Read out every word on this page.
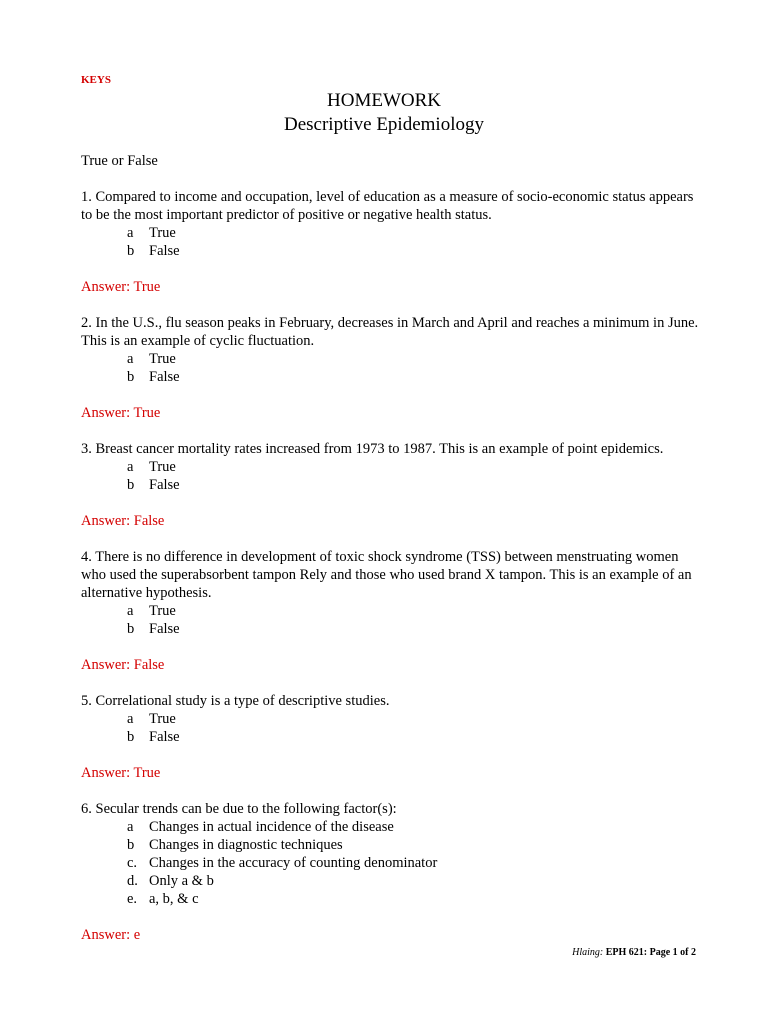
KEYS
HOMEWORK
Descriptive Epidemiology

True or False

1. Compared to income and occupation, level of education as a measure of socio-economic status appears to be the most important predictor of positive or negative health status.

a	True
b	False

Answer: True

2. In the U.S., flu season peaks in February, decreases in March and April and reaches a minimum in June. This is an example of cyclic fluctuation.

a	True
b	False

Answer: True

3. Breast cancer mortality rates increased from 1973 to 1987. This is an example of point epidemics.

a	True
b	False

Answer: False

4. There is no difference in development of toxic shock syndrome (TSS) between menstruating women who used the superabsorbent tampon Rely and those who used brand X tampon. This is an example of an alternative hypothesis.

a	True
b	False

Answer: False

5. Correlational study is a type of descriptive studies.

a	True
b	False

Answer: True

6. Secular trends can be due to the following factor(s):

a	Changes in actual incidence of the disease
b	Changes in diagnostic techniques
c. Changes in the accuracy of counting denominator
d. Only a & b
e. a, b, & c

Answer: e

Hlaing: EPH 621: Page 1 of 2
